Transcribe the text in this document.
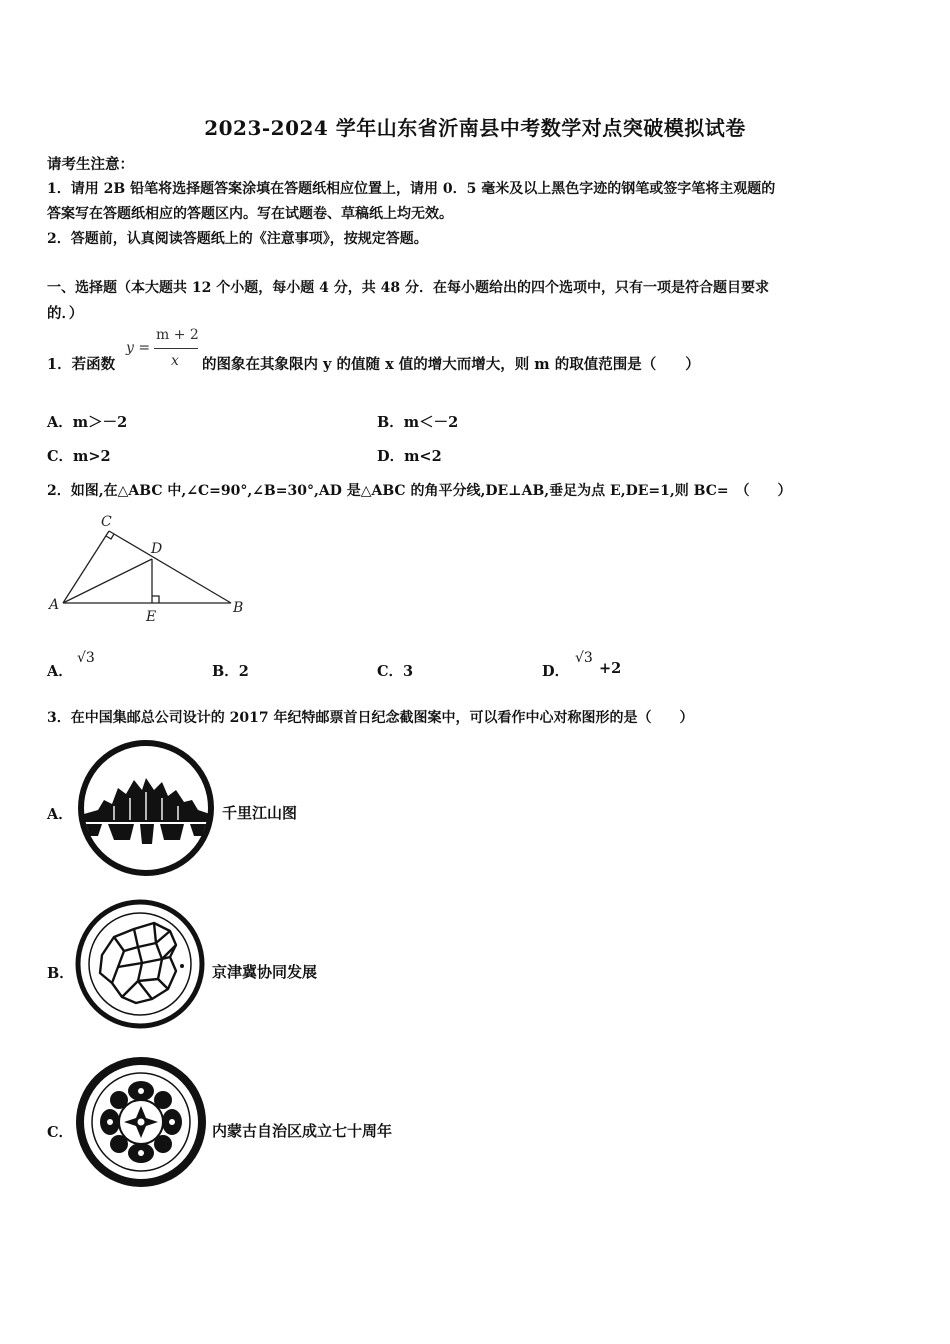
2023-2024 学年山东省沂南县中考数学对点突破模拟试卷
请考生注意：
1．请用 2B 铅笔将选择题答案涂填在答题纸相应位置上，请用 0．5 毫米及以上黑色字迹的钢笔或签字笔将主观题的
答案写在答题纸相应的答题区内。写在试题卷、草稿纸上均无效。
2．答题前，认真阅读答题纸上的《注意事项》，按规定答题。
一、选择题（本大题共 12 个小题，每小题 4 分，共 48 分．在每小题给出的四个选项中，只有一项是符合题目要求
的．）
1．若函数
y =
m + 2
x 的图象在其象限内 y 的值随 x 值的增大而增大，则 m 的取值范围是（　　）
A．m＞－2	B．m＜－2
C．m>2	D．m<2
2．如图,在△ABC 中,∠C=90°,∠B=30°,AD 是△ABC 的角平分线,DE⊥AB,垂足为点 E,DE=1,则 BC=　（　　）
C
D
A	B
E
A．
√3
B．2	C．3	D．
√3
+2
3．在中国集邮总公司设计的 2017 年纪特邮票首日纪念截图案中，可以看作中心对称图形的是（　　）
A．	千里江山图
B．	京津冀协同发展
C．	内蒙古自治区成立七十周年
